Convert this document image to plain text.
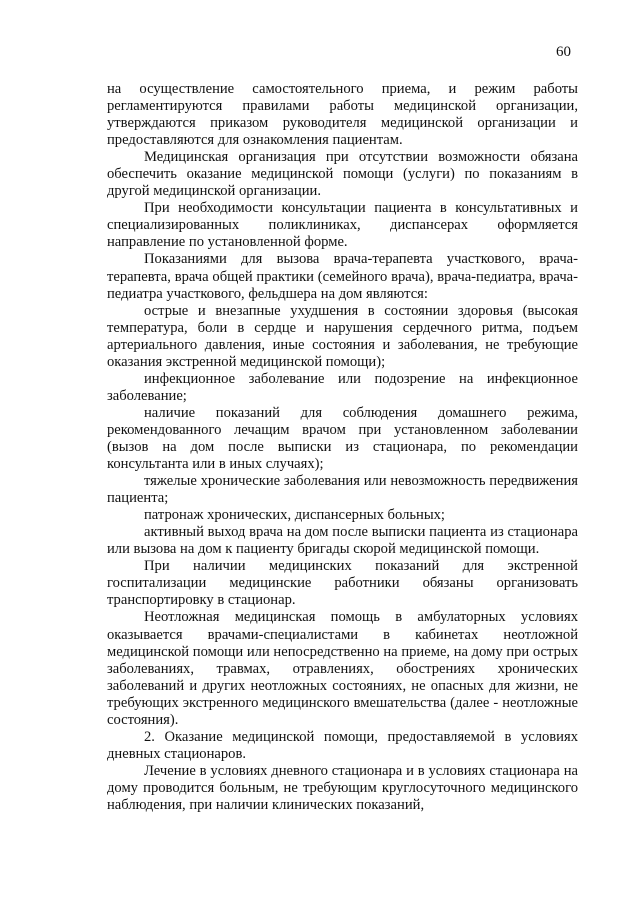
60

на осуществление самостоятельного приема, и режим работы регламентируются правилами работы медицинской организации, утверждаются приказом руководителя медицинской организации и предоставляются для ознакомления пациентам.

Медицинская организация при отсутствии возможности обязана обеспечить оказание медицинской помощи (услуги) по показаниям в другой медицинской организации.

При необходимости консультации пациента в консультативных и специализированных поликлиниках, диспансерах оформляется направление по установленной форме.

Показаниями для вызова врача-терапевта участкового, врача-терапевта, врача общей практики (семейного врача), врача-педиатра, врача-педиатра участкового, фельдшера на дом являются:

острые и внезапные ухудшения в состоянии здоровья (высокая температура, боли в сердце и нарушения сердечного ритма, подъем артериального давления, иные состояния и заболевания, не требующие оказания экстренной медицинской помощи);

инфекционное заболевание или подозрение на инфекционное заболевание;

наличие показаний для соблюдения домашнего режима, рекомендованного лечащим врачом при установленном заболевании (вызов на дом после выписки из стационара, по рекомендации консультанта или в иных случаях);

тяжелые хронические заболевания или невозможность передвижения пациента;

патронаж хронических, диспансерных больных;

активный выход врача на дом после выписки пациента из стационара или вызова на дом к пациенту бригады скорой медицинской помощи.

При наличии медицинских показаний для экстренной госпитализации медицинские работники обязаны организовать транспортировку в стационар.

Неотложная медицинская помощь в амбулаторных условиях оказывается врачами-специалистами в кабинетах неотложной медицинской помощи или непосредственно на приеме, на дому при острых заболеваниях, травмах, отравлениях, обострениях хронических заболеваний и других неотложных состояниях, не опасных для жизни, не требующих экстренного медицинского вмешательства (далее - неотложные состояния).

2. Оказание медицинской помощи, предоставляемой в условиях дневных стационаров.

Лечение в условиях дневного стационара и в условиях стационара на дому проводится больным, не требующим круглосуточного медицинского наблюдения, при наличии клинических показаний,
